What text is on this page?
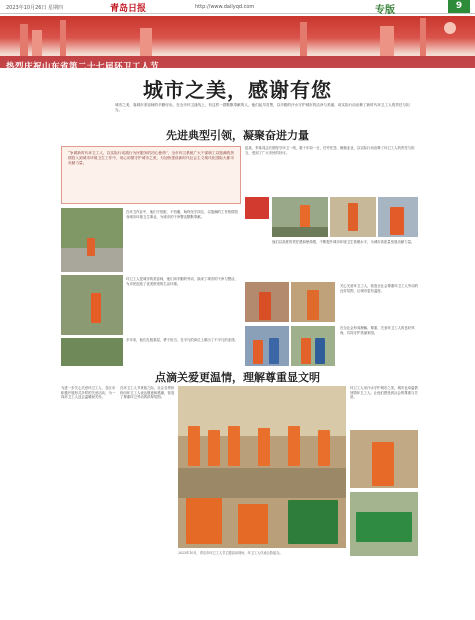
2023年10月26日 星期四	青岛日报	http://www.dailyqd.com	专版	9
热烈庆祝山东省第二十七届环卫工人节
城市之美，感谢有您
城市之美，靠城市美容师的辛勤付出。在全市环卫战线上，有这样一群默默奉献的人，他们起早贪黑，以辛勤的汗水守护城市的洁净与美丽，用实际行动诠释了新时代环卫工人的责任与担当。
先进典型引领，凝聚奋进力量
“争做新时代环卫工人，以实际行动践行为民服务的初心使命”，全市环卫系统广大干部职工以饱满的热情投入到城市环境卫生工作中，用心用情守护城市之美，为加快建设新时代社会主义现代化国际大都市贡献力量。
赵某，李某同志长期坚守环卫一线，数十年如一日，任劳任怨，兢兢业业，以实际行动诠释了环卫工人的责任与担当，受到了广大市民的好评。
在环卫作业中，他们不怕脏、不怕累，始终坚守岗位，以饱满的工作热情投身城市环境卫生事业，为城市的干净整洁默默奉献。
环卫工人是城市的美容师，他们用辛勤的劳动，换来了城市的干净与整洁，为市民创造了优美舒适的生活环境。
多年来，他们扎根基层，勇于担当，在平凡的岗位上做出了不平凡的业绩。
他们以高度的责任感和使命感，不断提升城市环境卫生管理水平，为城市高质量发展贡献力量。
关心关爱环卫工人，营造全社会尊重环卫工人劳动的良好氛围，让城市更有温度。
在全社会形成理解、尊重、关爱环卫工人的良好风尚，共同守护美丽家园。
点滴关爱更温情，理解尊重显文明
为进一步关心关爱环卫工人，各区市积极开展形式多样的关爱活动，为一线环卫工人送去温暖和关怀。
在环卫工人节来临之际，社会各界纷纷向环卫工人表达敬意和感谢，营造了尊重环卫劳动的浓厚氛围。
2023年10月，青岛市环卫工人节主题活动现场，环卫工人代表合影留念。
环卫工人用汗水守护城市之美，城市也用温情回馈环卫工人，让他们感受到社会的尊重与关爱。
